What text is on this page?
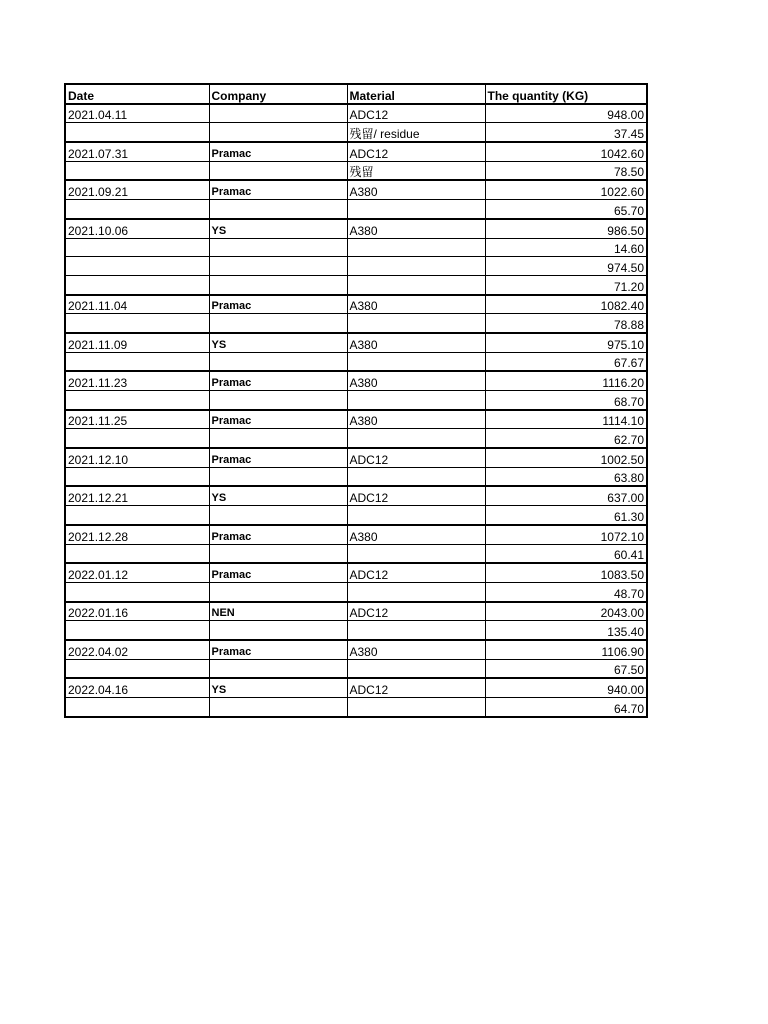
Date	Company	Material	The quantity (KG)
2021.04.11		ADC12	948.00
		残留/ residue	37.45
2021.07.31	Pramac	ADC12	1042.60
		残留	78.50
2021.09.21	Pramac	A380	1022.60
			65.70
2021.10.06	YS	A380	986.50
			14.60
			974.50
			71.20
2021.11.04	Pramac	A380	1082.40
			78.88
2021.11.09	YS	A380	975.10
			67.67
2021.11.23	Pramac	A380	1116.20
			68.70
2021.11.25	Pramac	A380	1114.10
			62.70
2021.12.10	Pramac	ADC12	1002.50
			63.80
2021.12.21	YS	ADC12	637.00
			61.30
2021.12.28	Pramac	A380	1072.10
			60.41
2022.01.12	Pramac	ADC12	1083.50
			48.70
2022.01.16	NEN	ADC12	2043.00
			135.40
2022.04.02	Pramac	A380	1106.90
			67.50
2022.04.16	YS	ADC12	940.00
			64.70
